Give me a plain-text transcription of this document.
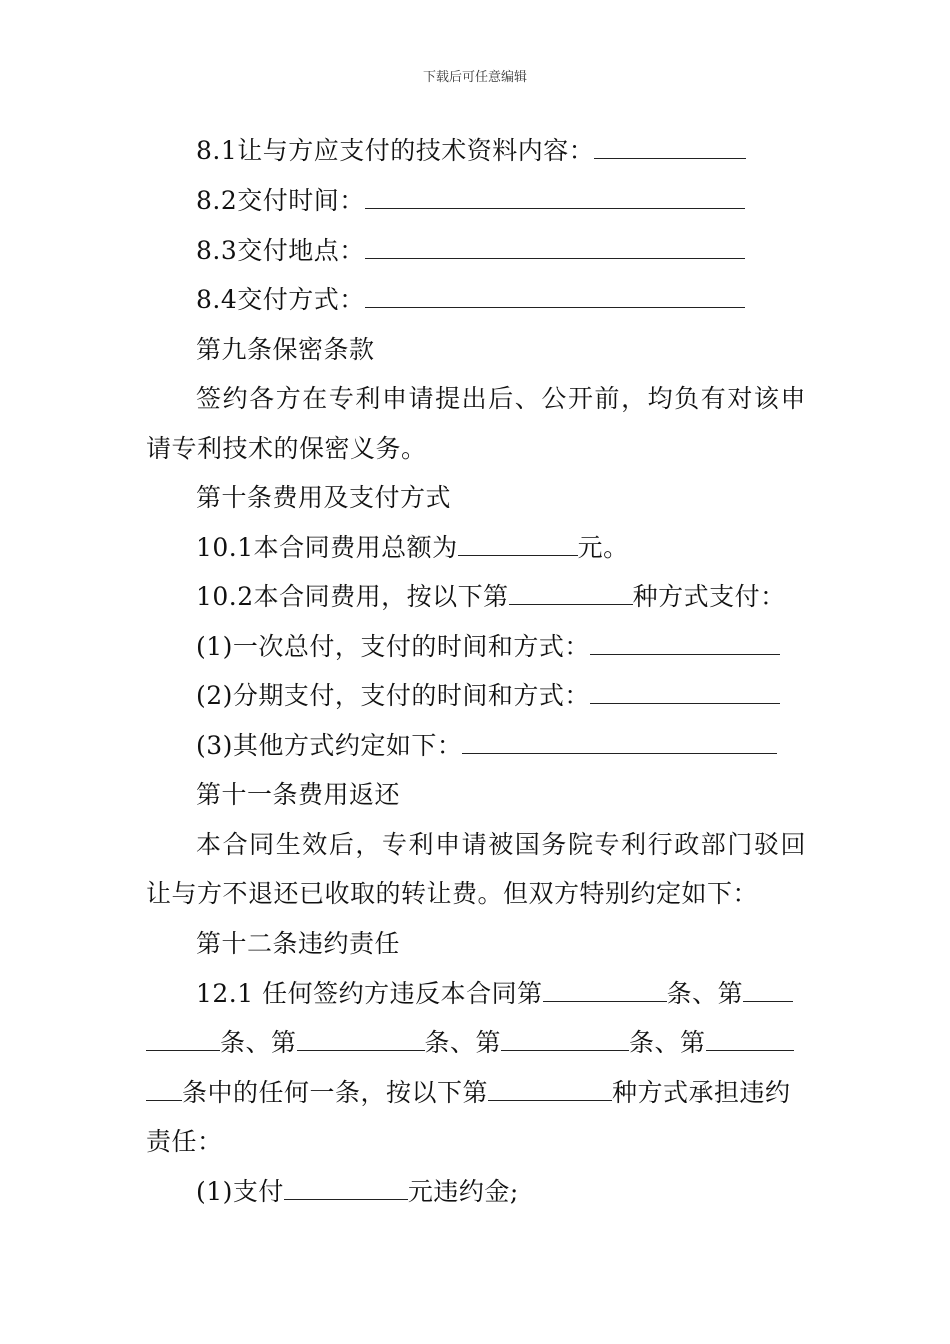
下载后可任意编辑
8.1让与方应支付的技术资料内容：
8.2交付时间：
8.3交付地点：
8.4交付方式：
第九条保密条款
签约各方在专利申请提出后、公开前，均负有对该申
请专利技术的保密义务。
第十条费用及支付方式
10.1本合同费用总额为	元。
10.2本合同费用，按以下第	种方式支付：
(1)一次总付，支付的时间和方式：
(2)分期支付，支付的时间和方式：
(3)其他方式约定如下：
第十一条费用返还
本合同生效后，专利申请被国务院专利行政部门驳回
让与方不退还已收取的转让费。但双方特别约定如下：
第十二条违约责任
12.1 任何签约方违反本合同第	条、第
条、第	条、第	条、第
条中的任何一条，按以下第	种方式承担违约
责任：
(1)支付	元违约金;
